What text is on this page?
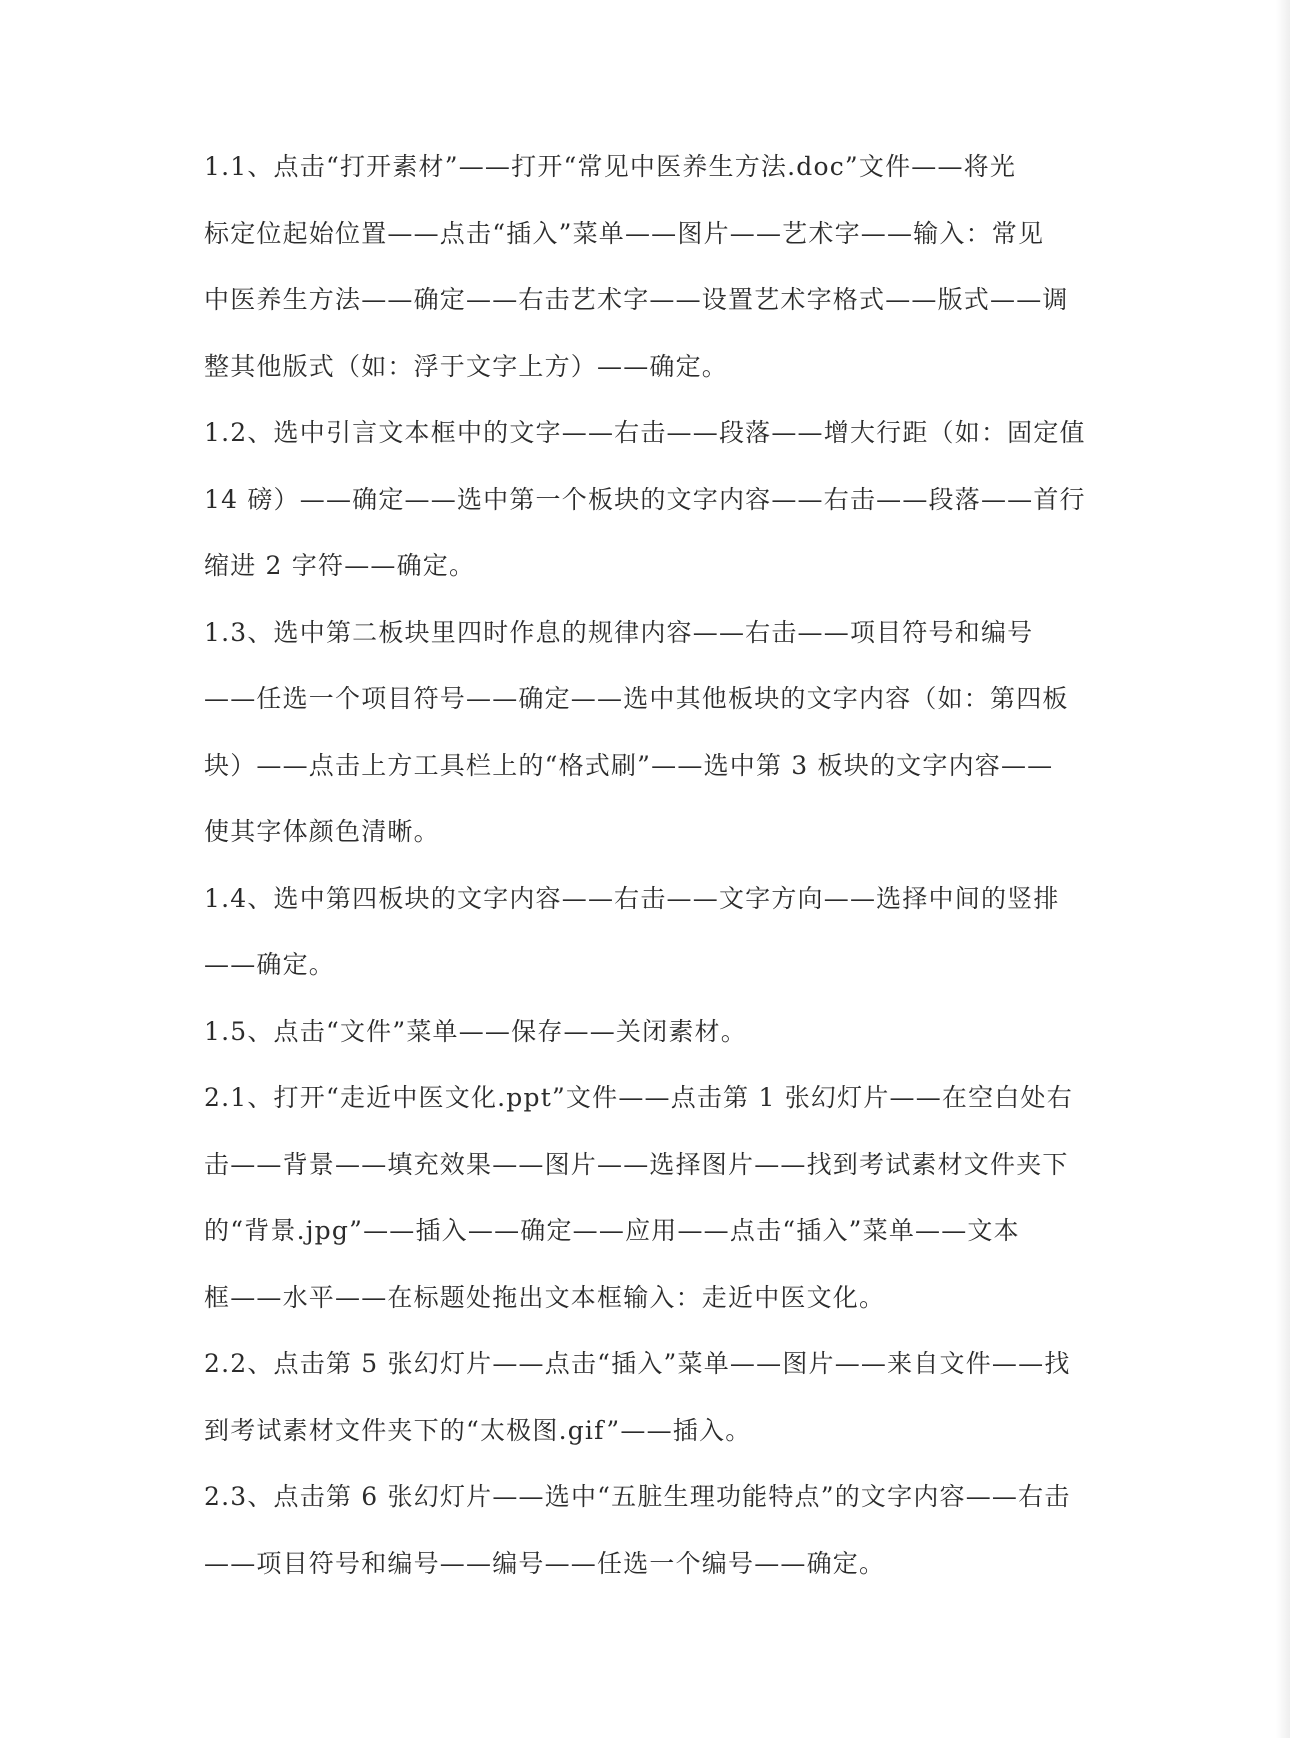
1.1、点击“打开素材”——打开“常见中医养生方法.doc”文件——将光

标定位起始位置——点击“插入”菜单——图片——艺术字——输入：常见

中医养生方法——确定——右击艺术字——设置艺术字格式——版式——调

整其他版式（如：浮于文字上方）——确定。

1.2、选中引言文本框中的文字——右击——段落——增大行距（如：固定值

14 磅）——确定——选中第一个板块的文字内容——右击——段落——首行

缩进 2 字符——确定。

1.3、选中第二板块里四时作息的规律内容——右击——项目符号和编号

——任选一个项目符号——确定——选中其他板块的文字内容（如：第四板

块）——点击上方工具栏上的“格式刷”——选中第 3 板块的文字内容——

使其字体颜色清晰。

1.4、选中第四板块的文字内容——右击——文字方向——选择中间的竖排

——确定。

1.5、点击“文件”菜单——保存——关闭素材。

2.1、打开“走近中医文化.ppt”文件——点击第 1 张幻灯片——在空白处右

击——背景——填充效果——图片——选择图片——找到考试素材文件夹下

的“背景.jpg”——插入——确定——应用——点击“插入”菜单——文本

框——水平——在标题处拖出文本框输入：走近中医文化。

2.2、点击第 5 张幻灯片——点击“插入”菜单——图片——来自文件——找

到考试素材文件夹下的“太极图.gif”——插入。

2.3、点击第 6 张幻灯片——选中“五脏生理功能特点”的文字内容——右击

——项目符号和编号——编号——任选一个编号——确定。
